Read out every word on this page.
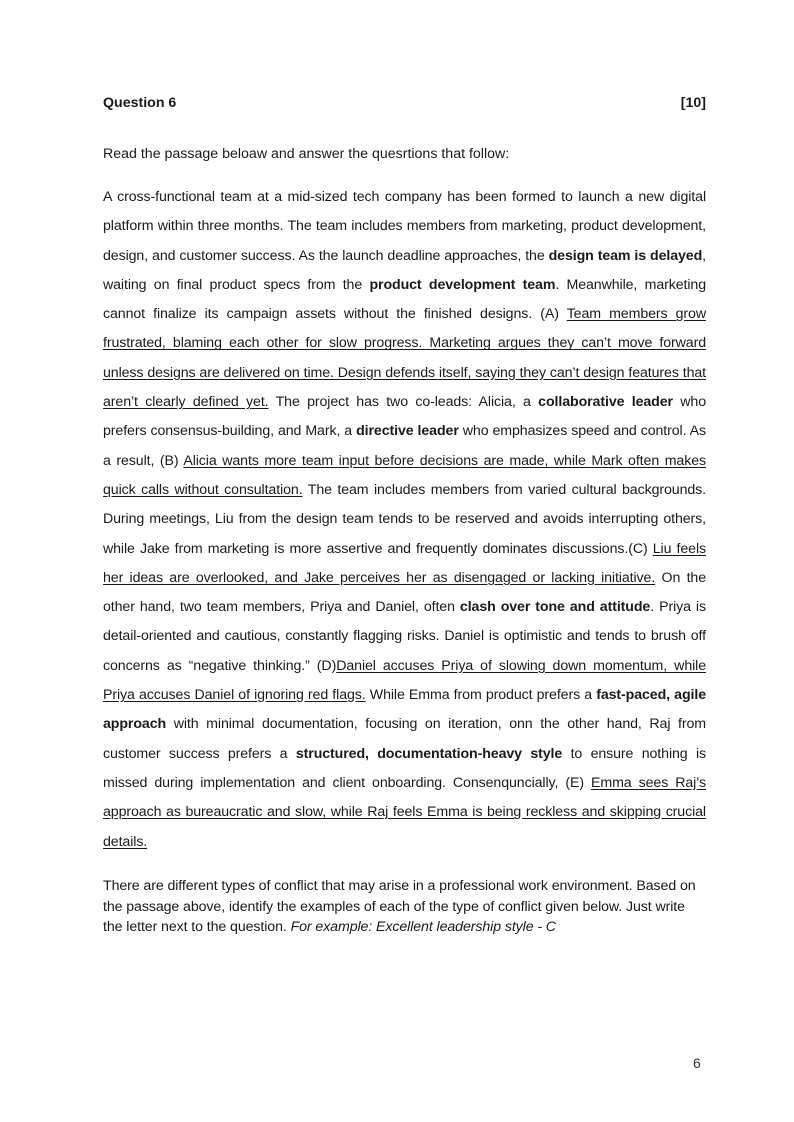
Question 6	[10]
Read the passage beloaw and answer the quesrtions that follow:
A cross-functional team at a mid-sized tech company has been formed to launch a new digital platform within three months. The team includes members from marketing, product development, design, and customer success. As the launch deadline approaches, the design team is delayed, waiting on final product specs from the product development team. Meanwhile, marketing cannot finalize its campaign assets without the finished designs. (A) Team members grow frustrated, blaming each other for slow progress. Marketing argues they can’t move forward unless designs are delivered on time. Design defends itself, saying they can’t design features that aren’t clearly defined yet. The project has two co-leads: Alicia, a collaborative leader who prefers consensus-building, and Mark, a directive leader who emphasizes speed and control. As a result, (B) Alicia wants more team input before decisions are made, while Mark often makes quick calls without consultation. The team includes members from varied cultural backgrounds. During meetings, Liu from the design team tends to be reserved and avoids interrupting others, while Jake from marketing is more assertive and frequently dominates discussions.(C) Liu feels her ideas are overlooked, and Jake perceives her as disengaged or lacking initiative. On the other hand, two team members, Priya and Daniel, often clash over tone and attitude. Priya is detail-oriented and cautious, constantly flagging risks. Daniel is optimistic and tends to brush off concerns as “negative thinking.” (D)Daniel accuses Priya of slowing down momentum, while Priya accuses Daniel of ignoring red flags. While Emma from product prefers a fast-paced, agile approach with minimal documentation, focusing on iteration, onn the other hand, Raj from customer success prefers a structured, documentation-heavy style to ensure nothing is missed during implementation and client onboarding. Consenquncially, (E) Emma sees Raj’s approach as bureaucratic and slow, while Raj feels Emma is being reckless and skipping crucial details.
There are different types of conflict that may arise in a professional work environment. Based on the passage above, identify the examples of each of the type of conflict given below. Just write the letter next to the question. For example: Excellent leadership style - C
6
